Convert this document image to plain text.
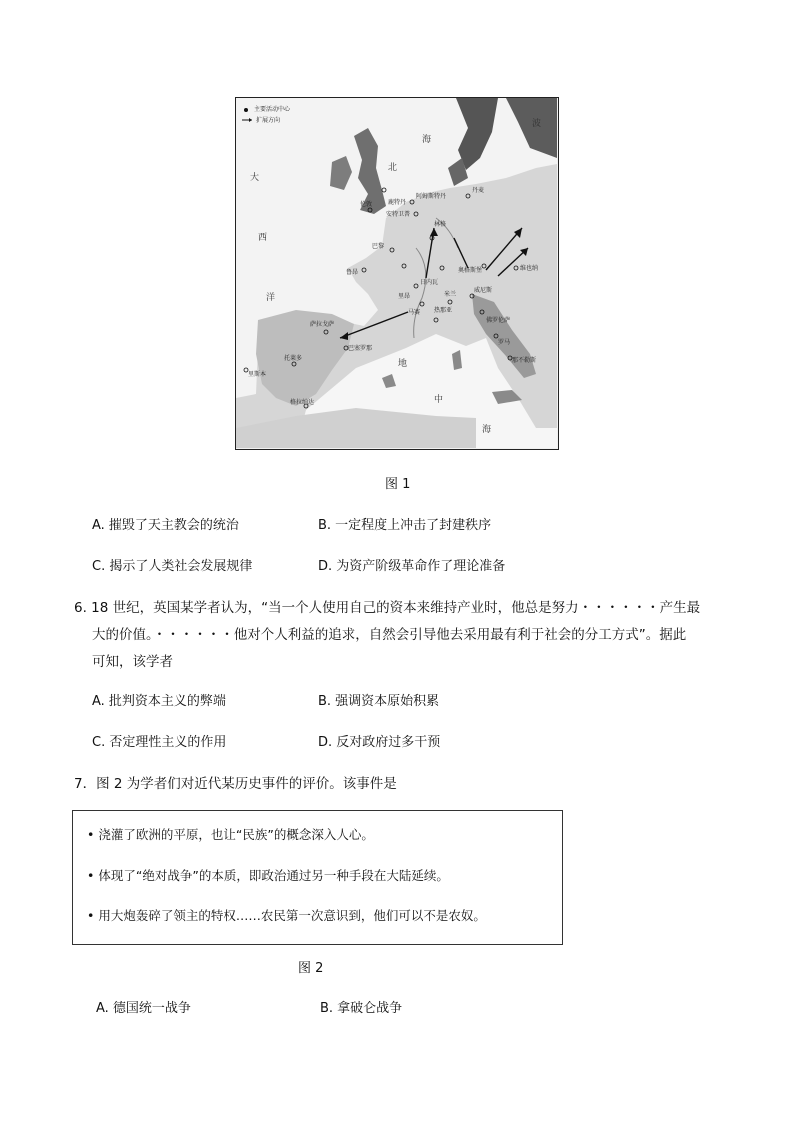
主要活动中心
扩展方向
大
西
洋
北
海
波
地
中
海
伦敦	鹿特丹
阿姆斯特丹
安特卫普
巴黎
林格
丹麦
维也纳
奥格斯堡
米兰
日内瓦
里昂
马赛 热那亚
威尼斯
佛罗伦萨
罗马
那不勒斯
巴塞罗那
萨拉戈萨
托莱多
里斯本
格拉纳达
鲁昂
图 1
A. 摧毁了天主教会的统治	B. 一定程度上冲击了封建秩序
C. 揭示了人类社会发展规律	D. 为资产阶级革命作了理论准备
6. 18 世纪，英国某学者认为，“当一个人使用自己的资本来维持产业时，他总是努力・・・・・・产生最
大的价值。・・・・・・他对个人利益的追求，自然会引导他去采用最有利于社会的分工方式”。据此
可知，该学者
A. 批判资本主义的弊端	B. 强调资本原始积累
C. 否定理性主义的作用	D. 反对政府过多干预
7．图 2 为学者们对近代某历史事件的评价。该事件是
• 浇灌了欧洲的平原，也让“民族”的概念深入人心。
• 体现了“绝对战争”的本质，即政治通过另一种手段在大陆延续。
• 用大炮轰碎了领主的特权……农民第一次意识到，他们可以不是农奴。
图 2
A. 德国统一战争	B. 拿破仑战争
